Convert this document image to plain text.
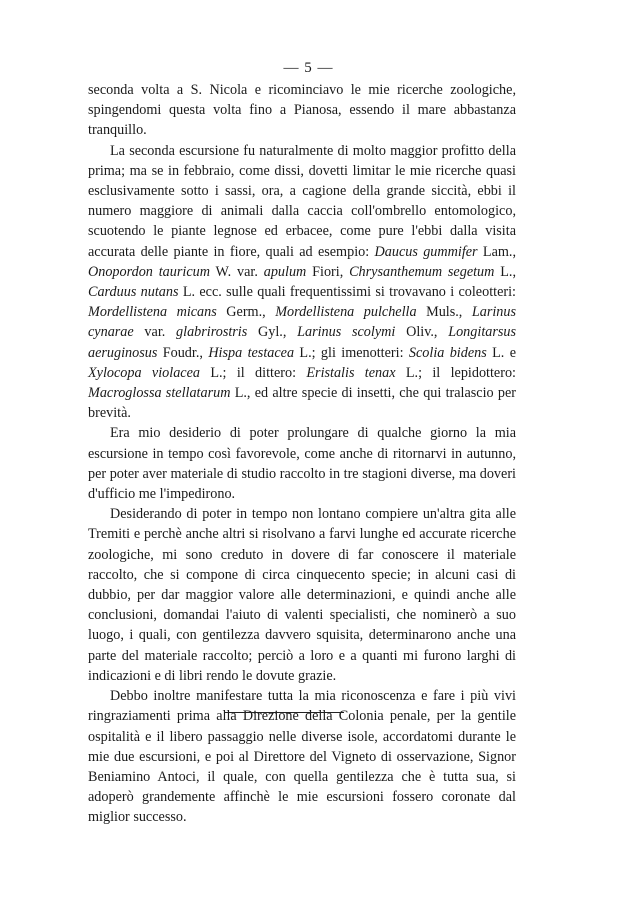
— 5 —

seconda volta a S. Nicola e ricominciavo le mie ricerche zoologiche, spingendomi questa volta fino a Pianosa, essendo il mare abbastanza tranquillo.

La seconda escursione fu naturalmente di molto maggior profitto della prima; ma se in febbraio, come dissi, dovetti limitar le mie ricerche quasi esclusivamente sotto i sassi, ora, a cagione della grande siccità, ebbi il numero maggiore di animali dalla caccia coll'ombrello entomologico, scuotendo le piante legnose ed erbacee, come pure l'ebbi dalla visita accurata delle piante in fiore, quali ad esempio: Daucus gummifer Lam., Onopordon tauricum W. var. apulum Fiori, Chrysanthemum segetum L., Carduus nutans L. ecc. sulle quali frequentissimi si trovavano i coleotteri: Mordellistena micans Germ., Mordellistena pulchella Muls., Larinus cynarae var. glabrirostris Gyl., Larinus scolymi Oliv., Longitarsus aeruginosus Foudr., Hispa testacea L.; gli imenotteri: Scolia bidens L. e Xylocopa violacea L.; il dittero: Eristalis tenax L.; il lepidottero: Macroglossa stellatarum L., ed altre specie di insetti, che qui tralascio per brevità.

Era mio desiderio di poter prolungare di qualche giorno la mia escursione in tempo così favorevole, come anche di ritornarvi in autunno, per poter aver materiale di studio raccolto in tre stagioni diverse, ma doveri d'ufficio me l'impedirono.

Desiderando di poter in tempo non lontano compiere un'altra gita alle Tremiti e perchè anche altri si risolvano a farvi lunghe ed accurate ricerche zoologiche, mi sono creduto in dovere di far conoscere il materiale raccolto, che si compone di circa cinquecento specie; in alcuni casi di dubbio, per dar maggior valore alle determinazioni, e quindi anche alle conclusioni, domandai l'aiuto di valenti specialisti, che nominerò a suo luogo, i quali, con gentilezza davvero squisita, determinarono anche una parte del materiale raccolto; perciò a loro e a quanti mi furono larghi di indicazioni e di libri rendo le dovute grazie.

Debbo inoltre manifestare tutta la mia riconoscenza e fare i più vivi ringraziamenti prima alla Direzione della Colonia penale, per la gentile ospitalità e il libero passaggio nelle diverse isole, accordatomi durante le mie due escursioni, e poi al Direttore del Vigneto di osservazione, Signor Beniamino Antoci, il quale, con quella gentilezza che è tutta sua, si adoperò grandemente affinchè le mie escursioni fossero coronate dal miglior successo.
